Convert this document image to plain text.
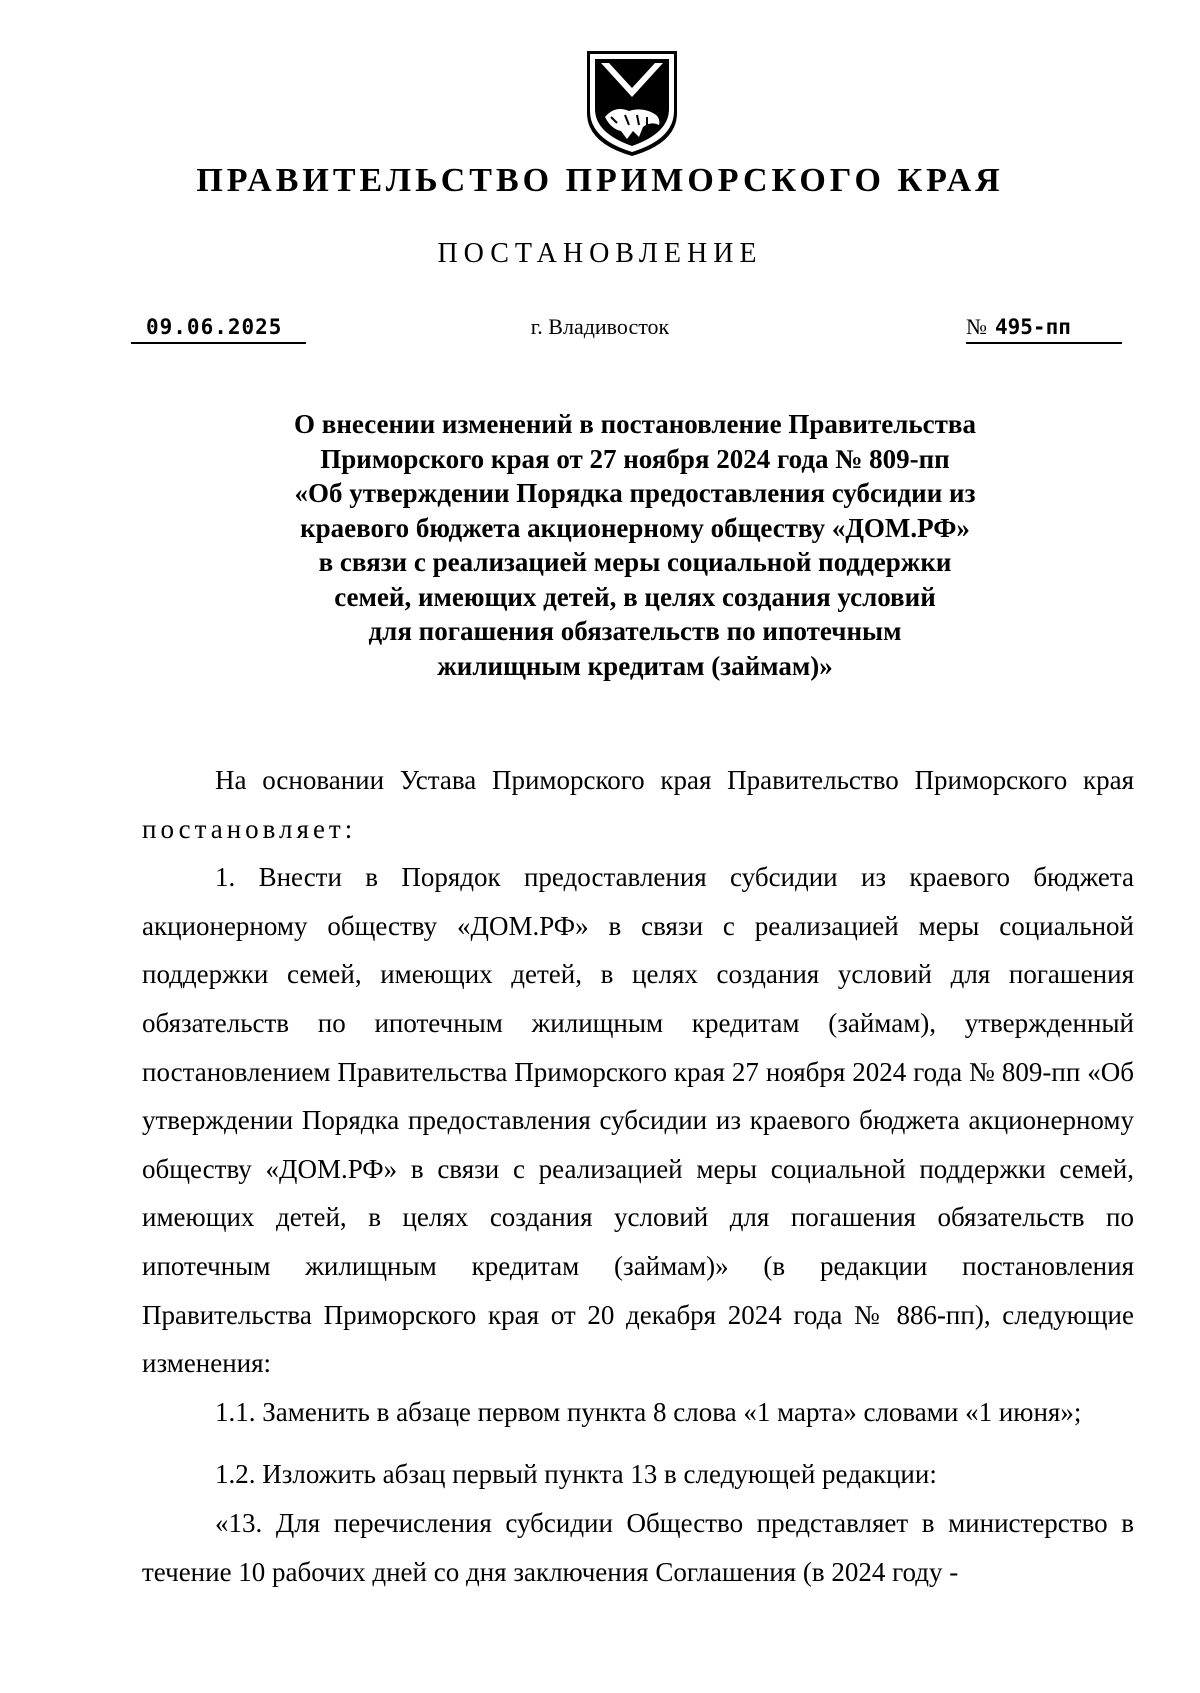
ПРАВИТЕЛЬСТВО ПРИМОРСКОГО КРАЯ
ПОСТАНОВЛЕНИЕ
09.06.2025	г. Владивосток	№ 495-пп
О внесении изменений в постановление Правительства
Приморского края от 27 ноября 2024 года № 809-пп
«Об утверждении Порядка предоставления субсидии из
краевого бюджета акционерному обществу «ДОМ.РФ»
в связи с реализацией меры социальной поддержки
семей, имеющих детей, в целях создания условий
для погашения обязательств по ипотечным
жилищным кредитам (займам)»

На основании Устава Приморского края Правительство Приморского края постановляет:

1. Внести в Порядок предоставления субсидии из краевого бюджета акционерному обществу «ДОМ.РФ» в связи с реализацией меры социальной поддержки семей, имеющих детей, в целях создания условий для погашения обязательств по ипотечным жилищным кредитам (займам), утвержденный постановлением Правительства Приморского края 27 ноября 2024 года № 809-пп «Об утверждении Порядка предоставления субсидии из краевого бюджета акционерному обществу «ДОМ.РФ» в связи с реализацией меры социальной поддержки семей, имеющих детей, в целях создания условий для погашения обязательств по ипотечным жилищным кредитам (займам)» (в редакции постановления Правительства Приморского края от 20 декабря 2024 года № 886-пп), следующие изменения:

1.1. Заменить в абзаце первом пункта 8 слова «1 марта» словами «1 июня»;

1.2. Изложить абзац первый пункта 13 в следующей редакции:

«13. Для перечисления субсидии Общество представляет в министерство в течение 10 рабочих дней со дня заключения Соглашения (в 2024 году -
